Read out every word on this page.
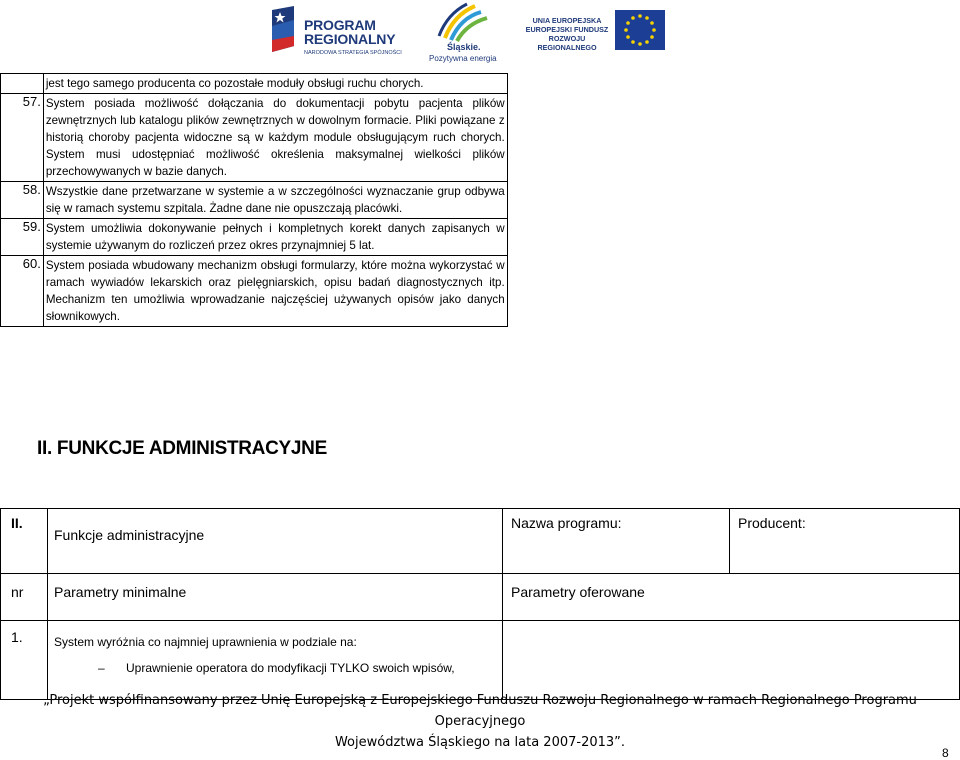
PROGRAM
REGIONALNY
NARODOWA STRATEGIA SPÓJNOŚCI
Śląskie.
Pozytywna energia
UNIA EUROPEJSKA
EUROPEJSKI FUNDUSZ
ROZWOJU REGIONALNEGO
	jest tego samego producenta co pozostałe moduły obsługi ruchu chorych.	
57.	System posiada możliwość dołączania do dokumentacji pobytu pacjenta plików zewnętrznych lub katalogu plików zewnętrznych w dowolnym formacie. Pliki powiązane z historią choroby pacjenta widoczne są w każdym module obsługującym ruch chorych. System musi udostępniać możliwość określenia maksymalnej wielkości plików przechowywanych w bazie danych.	
58.	Wszystkie dane przetwarzane w systemie a w szczególności wyznaczanie grup odbywa się w ramach systemu szpitala. Żadne dane nie opuszczają placówki.	
59.	System umożliwia dokonywanie pełnych i kompletnych korekt danych zapisanych w systemie używanym do rozliczeń przez okres przynajmniej 5 lat.	
60.	System posiada wbudowany mechanizm obsługi formularzy, które można wykorzystać w ramach wywiadów lekarskich oraz pielęgniarskich, opisu badań diagnostycznych itp. Mechanizm ten umożliwia wprowadzanie najczęściej używanych opisów jako danych słownikowych.	
II. FUNKCJE ADMINISTRACYJNE
II.	Funkcje administracyjne	Nazwa programu:	Producent:
nr	Parametry minimalne	Parametry oferowane	
1.	System wyróżnia co najmniej uprawnienia w podziale na:
– Uprawnienie operatora do modyfikacji TYLKO swoich wpisów,		

„Projekt współfinansowany przez Unię Europejską z Europejskiego Funduszu Rozwoju Regionalnego w ramach Regionalnego Programu Operacyjnego
Województwa Śląskiego na lata 2007-2013”.
8
